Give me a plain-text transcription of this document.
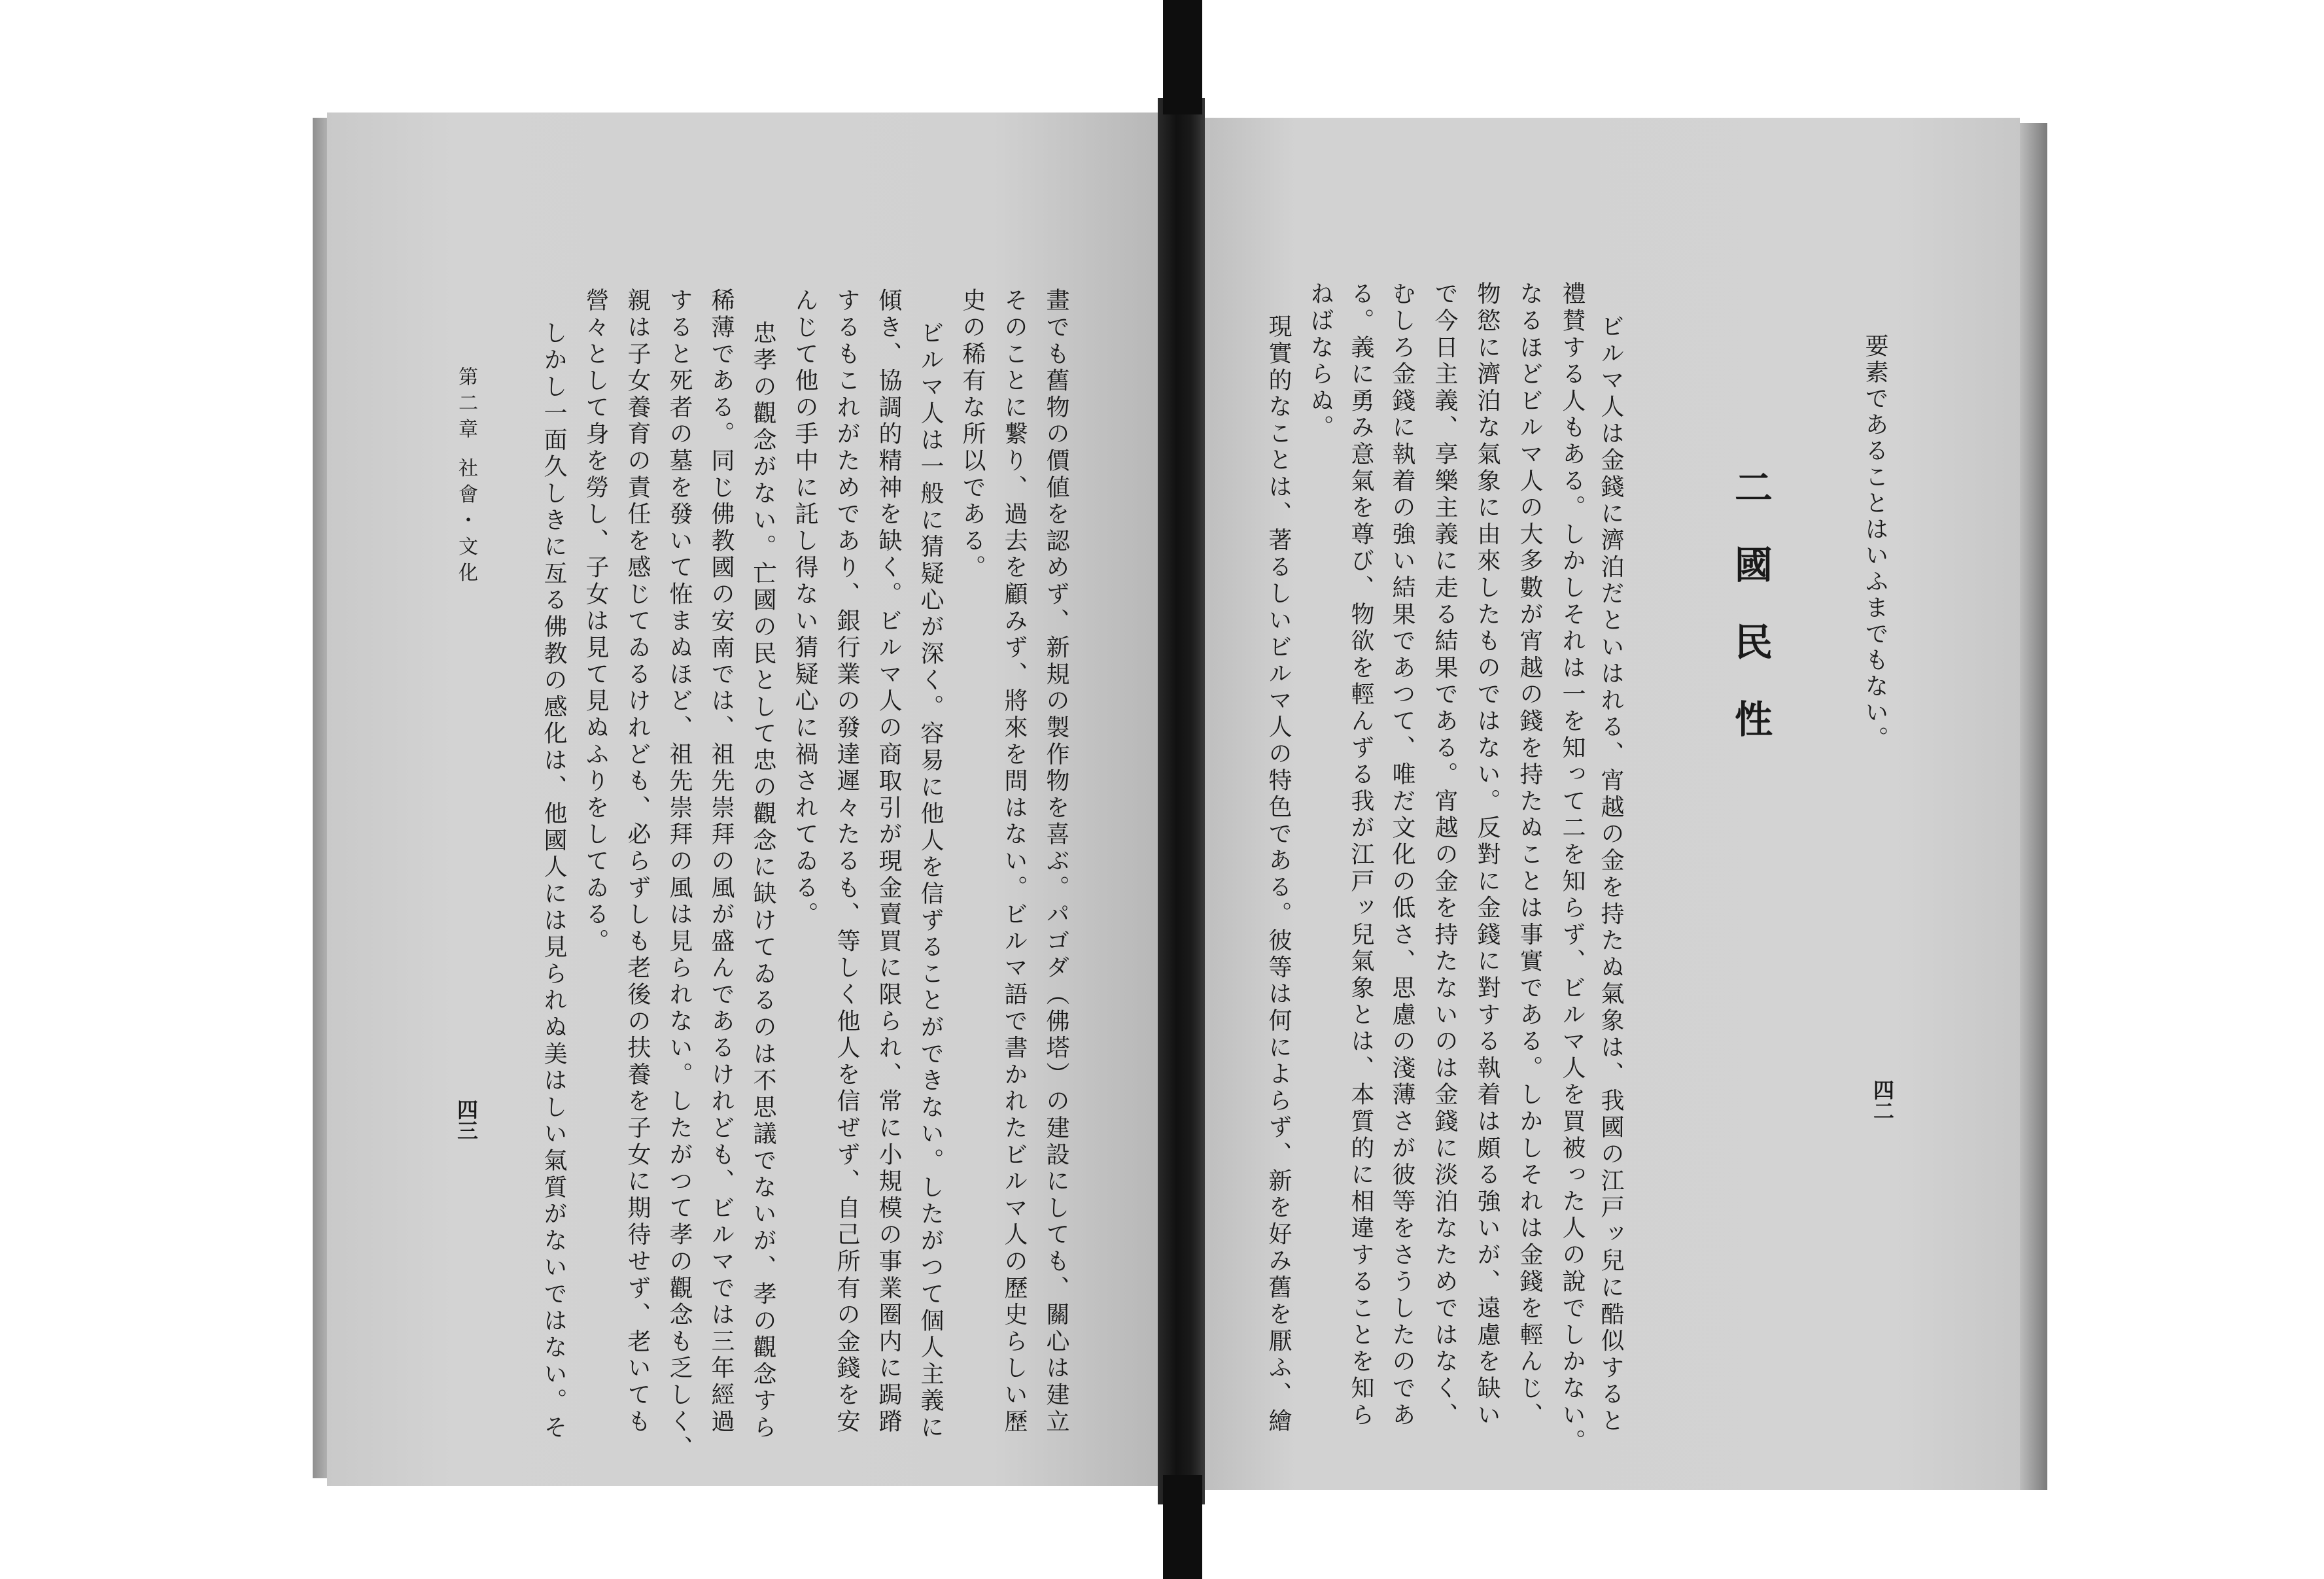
要素であることはいふまでもない。
二國民性
ビルマ人は金錢に濟泊だといはれる、宵越の金を持たぬ氣象は、我國の江戸ッ兒に酷似すると
禮賛する人もある。しかしそれは一を知って二を知らず、ビルマ人を買被った人の說でしかない。
なるほどビルマ人の大多數が宵越の錢を持たぬことは事實である。しかしそれは金錢を輕んじ、
物慾に濟泊な氣象に由來したものではない。反對に金錢に對する執着は頗る強いが、遠慮を缺い
で今日主義、享樂主義に走る結果である。宵越の金を持たないのは金錢に淡泊なためではなく、
むしろ金錢に執着の強い結果であつて、唯だ文化の低さ、思慮の淺薄さが彼等をさうしたのであ
る。義に勇み意氣を尊び、物欲を輕んずる我が江戸ッ兒氣象とは、本質的に相違することを知ら
ねばならぬ。
現實的なことは、著るしいビルマ人の特色である。彼等は何によらず、新を好み舊を厭ふ、繪	四二
畫でも舊物の價値を認めず、新規の製作物を喜ぶ。パゴダ（佛塔）の建設にしても、關心は建立
そのことに繋り、過去を顧みず、將來を問はない。ビルマ語で書かれたビルマ人の歷史らしい歷
史の稀有な所以である。
ビルマ人は一般に猜疑心が深く。容易に他人を信ずることができない。したがつて個人主義に
傾き、協調的精神を缺く。ビルマ人の商取引が現金賣買に限られ、常に小規模の事業圈内に跼蹐
するもこれがためであり、銀行業の發達遲々たるも、等しく他人を信ぜず、自己所有の金錢を安
んじて他の手中に託し得ない猜疑心に禍されてゐる。
忠孝の觀念がない。亡國の民として忠の觀念に缺けてゐるのは不思議でないが、孝の觀念すら
稀薄である。同じ佛教國の安南では、祖先崇拜の風が盛んであるけれども、ビルマでは三年經過
すると死者の墓を發いて恠まぬほど、祖先崇拜の風は見られない。したがつて孝の觀念も乏しく、
親は子女養育の責任を感じてゐるけれども、必らずしも老後の扶養を子女に期待せず、老いても
營々として身を勞し、子女は見て見ぬふりをしてゐる。
しかし一面久しきに亙る佛教の感化は、他國人には見られぬ美はしい氣質がないではない。そ
第二章 社會・文化
四三
